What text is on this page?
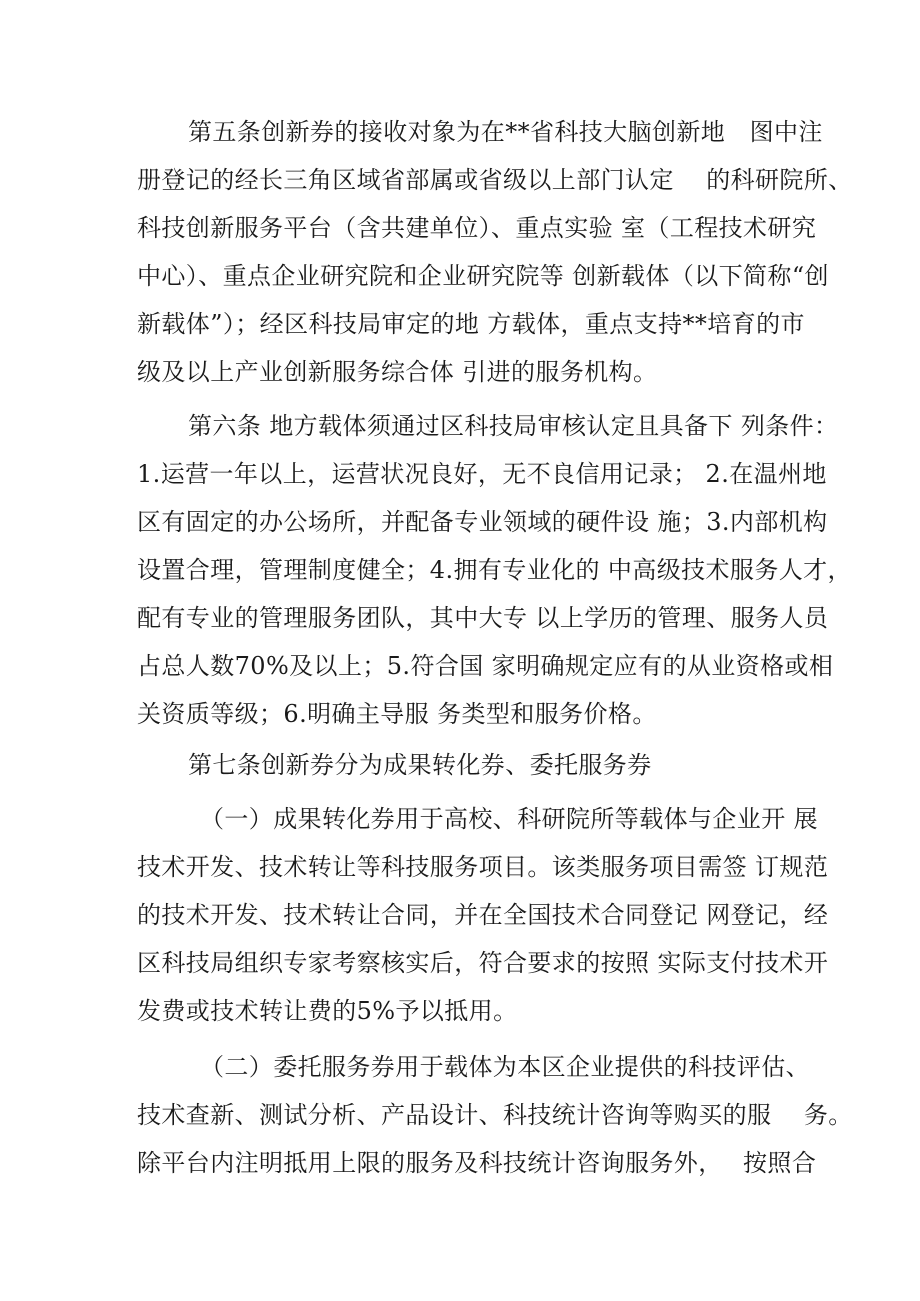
第五条创新券的接收对象为在**省科技大脑创新地　图中注
册登记的经长三角区域省部属或省级以上部门认定　 的科研院所、
科技创新服务平台（含共建单位）、重点实验 室（工程技术研究
中心）、重点企业研究院和企业研究院等 创新载体（以下简称“创
新载体”）；经区科技局审定的地 方载体，重点支持**培育的市
级及以上产业创新服务综合体 引进的服务机构。
第六条 地方载体须通过区科技局审核认定且具备下 列条件：
1.运营一年以上，运营状况良好，无不良信用记录； 2.在温州地
区有固定的办公场所，并配备专业领域的硬件设 施；3.内部机构
设置合理，管理制度健全；4.拥有专业化的 中高级技术服务人才，
配有专业的管理服务团队，其中大专 以上学历的管理、服务人员
占总人数70%及以上；5.符合国 家明确规定应有的从业资格或相
关资质等级；6.明确主导服 务类型和服务价格。
第七条创新券分为成果转化券、委托服务券
（一）成果转化券用于高校、科研院所等载体与企业开 展
技术开发、技术转让等科技服务项目。该类服务项目需签 订规范
的技术开发、技术转让合同，并在全国技术合同登记 网登记，经
区科技局组织专家考察核实后，符合要求的按照 实际支付技术开
发费或技术转让费的5%予以抵用。
（二）委托服务券用于载体为本区企业提供的科技评估、
技术查新、测试分析、产品设计、科技统计咨询等购买的服　 务。
除平台内注明抵用上限的服务及科技统计咨询服务外，　 按照合
